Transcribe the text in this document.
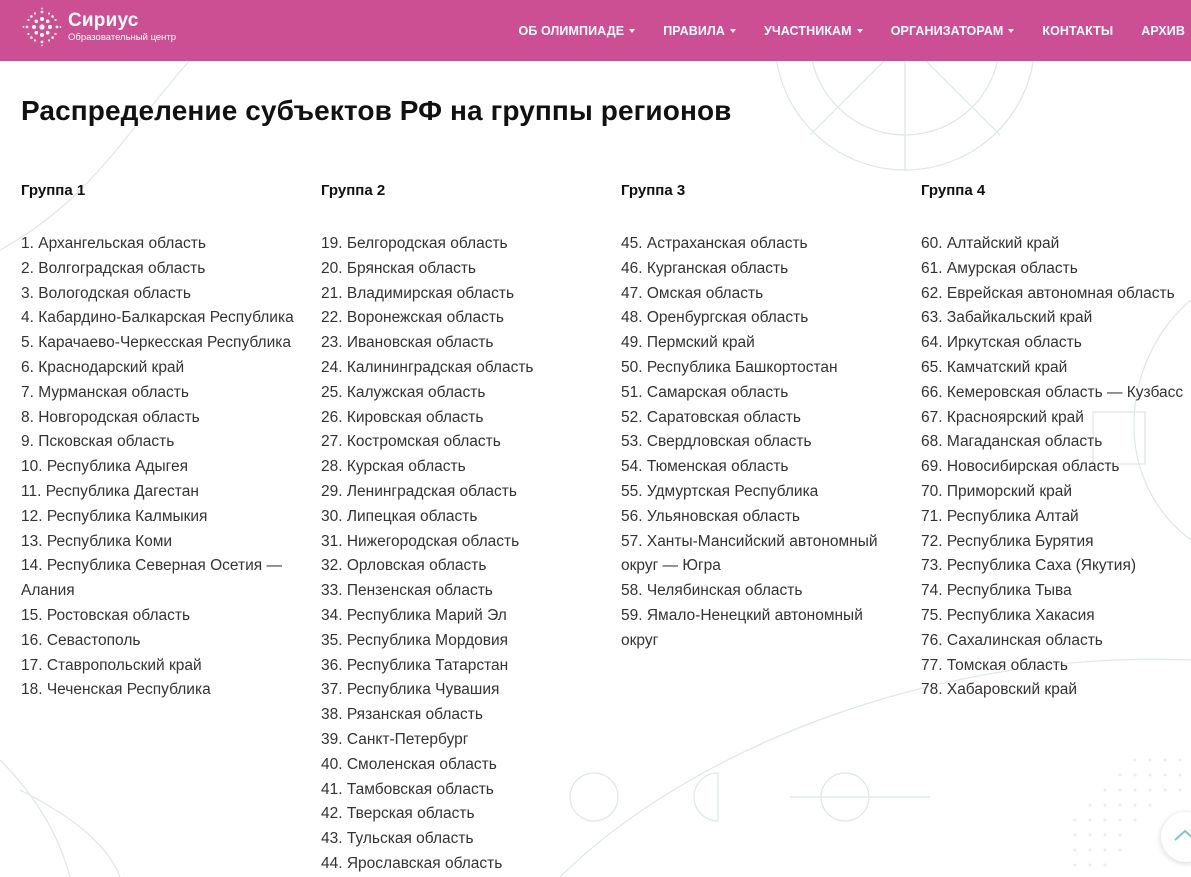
Сириус
Образовательный центр	ОБ ОЛИМПИАДЕ	ПРАВИЛА	УЧАСТНИКАМ	ОРГАНИЗАТОРАМ	КОНТАКТЫ АРХИВ
Распределение субъектов РФ на группы регионов
Группа 1
1. Архангельская область
2. Волгоградская область
3. Вологодская область
4. Кабардино-Балкарская Республика
5. Карачаево-Черкесская Республика
6. Краснодарский край
7. Мурманская область
8. Новгородская область
9. Псковская область
10. Республика Адыгея
11. Республика Дагестан
12. Республика Калмыкия
13. Республика Коми
14. Республика Северная Осетия — Алания
15. Ростовская область
16. Севастополь
17. Ставропольский край
18. Чеченская Республика
Группа 2
19. Белгородская область
20. Брянская область
21. Владимирская область
22. Воронежская область
23. Ивановская область
24. Калининградская область
25. Калужская область
26. Кировская область
27. Костромская область
28. Курская область
29. Ленинградская область
30. Липецкая область
31. Нижегородская область
32. Орловская область
33. Пензенская область
34. Республика Марий Эл
35. Республика Мордовия
36. Республика Татарстан
37. Республика Чувашия
38. Рязанская область
39. Санкт-Петербург
40. Смоленская область
41. Тамбовская область
42. Тверская область
43. Тульская область
44. Ярославская область
Группа 3
45. Астраханская область
46. Курганская область
47. Омская область
48. Оренбургская область
49. Пермский край
50. Республика Башкортостан
51. Самарская область
52. Саратовская область
53. Свердловская область
54. Тюменская область
55. Удмуртская Республика
56. Ульяновская область
57. Ханты-Мансийский автономный округ — Югра
58. Челябинская область
59. Ямало-Ненецкий автономный округ
Группа 4
60. Алтайский край
61. Амурская область
62. Еврейская автономная область
63. Забайкальский край
64. Иркутская область
65. Камчатский край
66. Кемеровская область — Кузбасс
67. Красноярский край
68. Магаданская область
69. Новосибирская область
70. Приморский край
71. Республика Алтай
72. Республика Бурятия
73. Республика Саха (Якутия)
74. Республика Тыва
75. Республика Хакасия
76. Сахалинская область
77. Томская область
78. Хабаровский край
